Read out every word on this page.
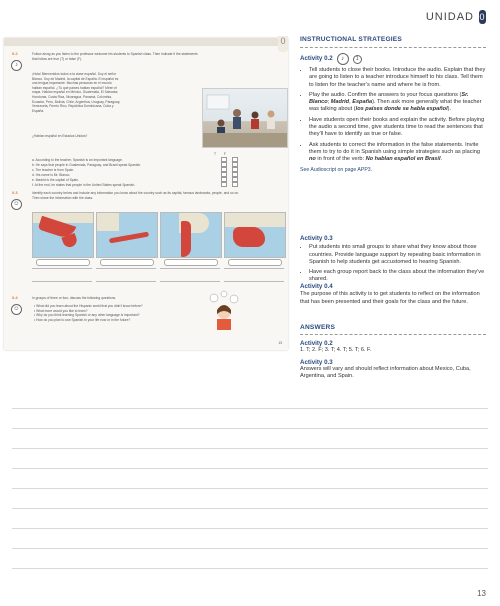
UNIDAD 0
0
0.2
♪
Follow along as you listen to the professor welcome his students to Spanish class. Then indicate if the statements that follow are true (T) or false (F).
¡Hola! Bienvenidos todos a la clase español. Soy el señor Blanco. Soy de Madrid, la capital de España. El español es una lengua importante. Muchas personas en el mundo hablan español. ¿Tú qué países hablan español? Miren el mapa. Hablan español en México, Guatemala, El Salvador, Honduras, Costa Rica, Nicaragua, Panamá, Colombia, Ecuador, Perú, Bolivia, Chile, Argentina, Uruguay, Paraguay, Venezuela, Puerto Rico, República Dominicana, Cuba y España.
¿Hablan español en Estados Unidos?
T F
a. According to the teacher, Spanish is an important language.
b. He says that people in Guatemala, Paraguay, and Brazil speak Spanish.
c. The teacher is from Spain.
d. His name is Mr. Blanco.
e. Madrid is the capital of Spain.
f. At the end, he states that people in the United States speak Spanish.
0.3
☺
Identify each country below and include any information you know about the country such as its capital, famous landmarks, people, and so on. Then share the information with the class.
0.4
☺
In groups of three or four, discuss the following questions.
• What did you learn about the Hispanic world that you didn't know before?
• What more would you like to learn?
• Why do you think learning Spanish or any other language is important?
• How do you plan to use Spanish in your life now or in the future?
13
INSTRUCTIONAL STRATEGIES
Activity 0.2	♪	1
• Tell students to close their books. Introduce the audio. Explain that they are going to listen to a teacher introduce himself to his class. Tell them to listen for the teacher's name and where he is from.
• Play the audio. Confirm the answers to your focus questions (Sr. Blanco; Madrid, España). Then ask more generally what the teacher was talking about (los países donde se habla español).
• Have students open their books and explain the activity. Before playing the audio a second time, give students time to read the sentences that they'll have to identify as true or false.
• Ask students to correct the information in the false statements. Invite them to try to do it in Spanish using simple strategies such as placing no in front of the verb: No hablan español en Brasil.
See Audioscript on page APP3.
Activity 0.3
• Put students into small groups to share what they know about those countries. Provide language support by repeating basic information in Spanish to help students get accustomed to hearing Spanish.
• Have each group report back to the class about the information they've shared.
Activity 0.4
The purpose of this activity is to get students to reflect on the information that has been presented and their goals for the class and the future.
ANSWERS
Activity 0.2
1. T; 2. F; 3. T; 4. T; 5. T; 6. F.
Activity 0.3
Answers will vary and should reflect information about Mexico, Cuba, Argentina, and Spain.
13
